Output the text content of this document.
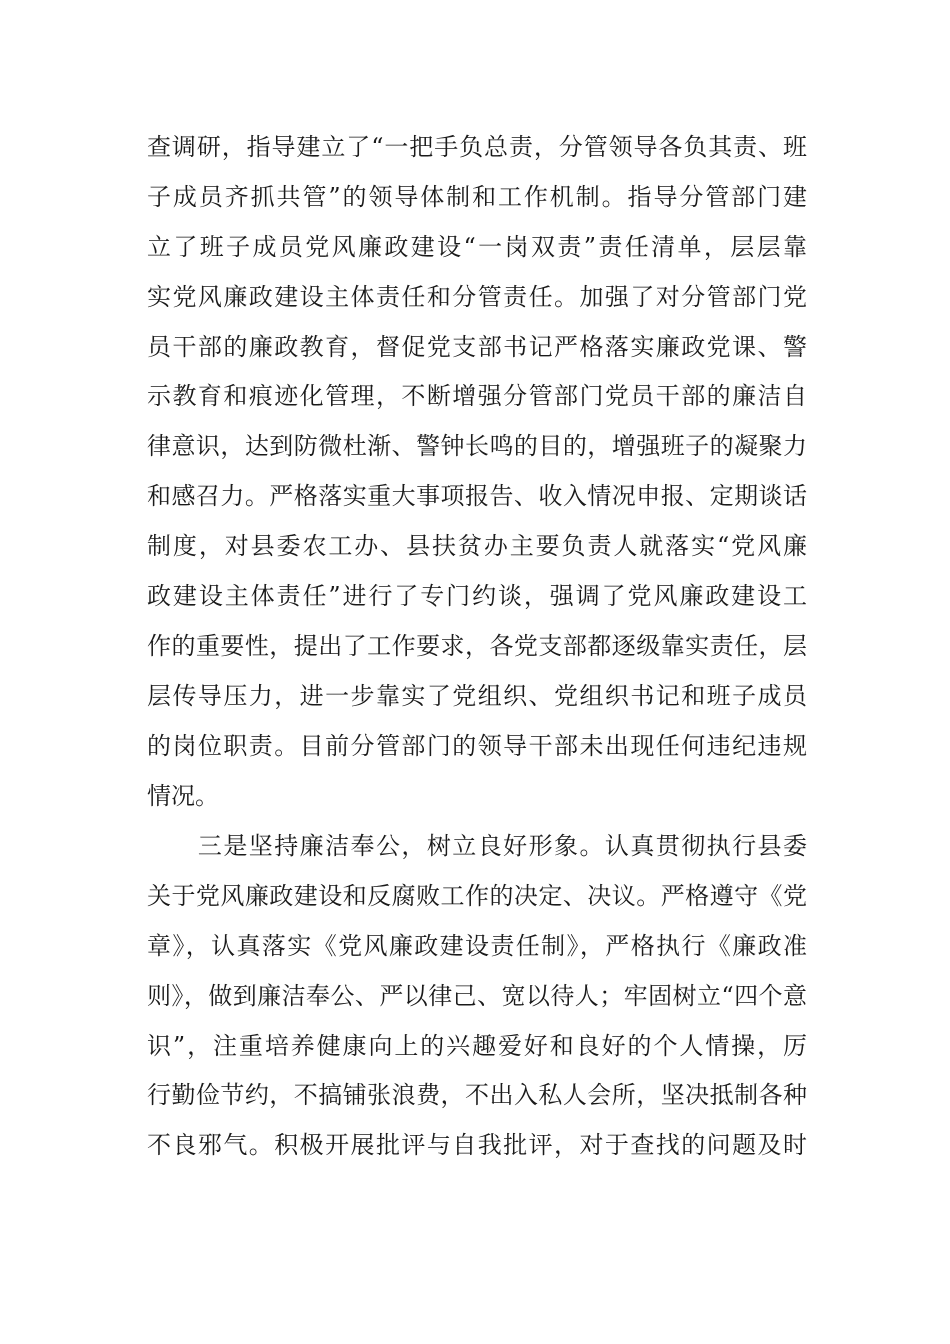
查调研，指导建立了“一把手负总责，分管领导各负其责、班
子成员齐抓共管”的领导体制和工作机制。指导分管部门建
立了班子成员党风廉政建设“一岗双责”责任清单，层层靠
实党风廉政建设主体责任和分管责任。加强了对分管部门党
员干部的廉政教育，督促党支部书记严格落实廉政党课、警
示教育和痕迹化管理，不断增强分管部门党员干部的廉洁自
律意识，达到防微杜渐、警钟长鸣的目的，增强班子的凝聚力
和感召力。严格落实重大事项报告、收入情况申报、定期谈话
制度，对县委农工办、县扶贫办主要负责人就落实“党风廉
政建设主体责任”进行了专门约谈，强调了党风廉政建设工
作的重要性，提出了工作要求，各党支部都逐级靠实责任，层
层传导压力，进一步靠实了党组织、党组织书记和班子成员
的岗位职责。目前分管部门的领导干部未出现任何违纪违规
情况。
　　三是坚持廉洁奉公，树立良好形象。认真贯彻执行县委
关于党风廉政建设和反腐败工作的决定、决议。严格遵守《党
章》，认真落实《党风廉政建设责任制》，严格执行《廉政准
则》，做到廉洁奉公、严以律己、宽以待人；牢固树立“四个意
识”，注重培养健康向上的兴趣爱好和良好的个人情操，厉
行勤俭节约，不搞铺张浪费，不出入私人会所，坚决抵制各种
不良邪气。积极开展批评与自我批评，对于查找的问题及时
